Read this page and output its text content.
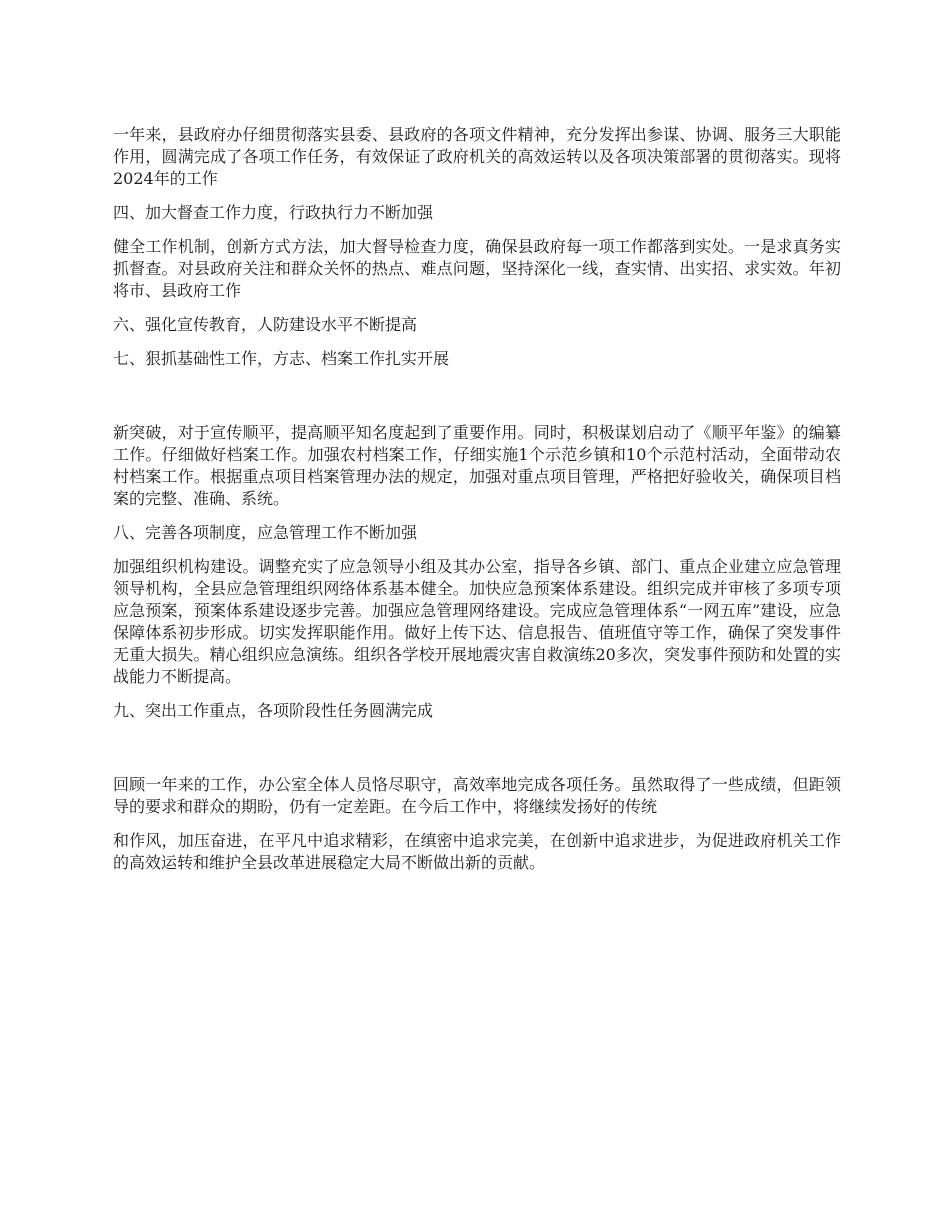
一年来，县政府办仔细贯彻落实县委、县政府的各项文件精神，充分发挥出参谋、协调、服务三大职能作用，圆满完成了各项工作任务，有效保证了政府机关的高效运转以及各项决策部署的贯彻落实。现将2024年的工作

四、加大督查工作力度，行政执行力不断加强

健全工作机制，创新方式方法，加大督导检查力度，确保县政府每一项工作都落到实处。一是求真务实抓督查。对县政府关注和群众关怀的热点、难点问题，坚持深化一线，查实情、出实招、求实效。年初将市、县政府工作

六、强化宣传教育，人防建设水平不断提高

七、狠抓基础性工作，方志、档案工作扎实开展

新突破，对于宣传顺平，提高顺平知名度起到了重要作用。同时，积极谋划启动了《顺平年鉴》的编纂工作。仔细做好档案工作。加强农村档案工作，仔细实施1个示范乡镇和10个示范村活动，全面带动农村档案工作。根据重点项目档案管理办法的规定，加强对重点项目管理，严格把好验收关，确保项目档案的完整、准确、系统。

八、完善各项制度，应急管理工作不断加强

加强组织机构建设。调整充实了应急领导小组及其办公室，指导各乡镇、部门、重点企业建立应急管理领导机构，全县应急管理组织网络体系基本健全。加快应急预案体系建设。组织完成并审核了多项专项应急预案，预案体系建设逐步完善。加强应急管理网络建设。完成应急管理体系“一网五库”建设，应急保障体系初步形成。切实发挥职能作用。做好上传下达、信息报告、值班值守等工作，确保了突发事件无重大损失。精心组织应急演练。组织各学校开展地震灾害自救演练20多次，突发事件预防和处置的实战能力不断提高。

九、突出工作重点，各项阶段性任务圆满完成

回顾一年来的工作，办公室全体人员恪尽职守，高效率地完成各项任务。虽然取得了一些成绩，但距领导的要求和群众的期盼，仍有一定差距。在今后工作中，将继续发扬好的传统

和作风，加压奋进，在平凡中追求精彩，在缜密中追求完美，在创新中追求进步，为促进政府机关工作的高效运转和维护全县改革进展稳定大局不断做出新的贡献。
